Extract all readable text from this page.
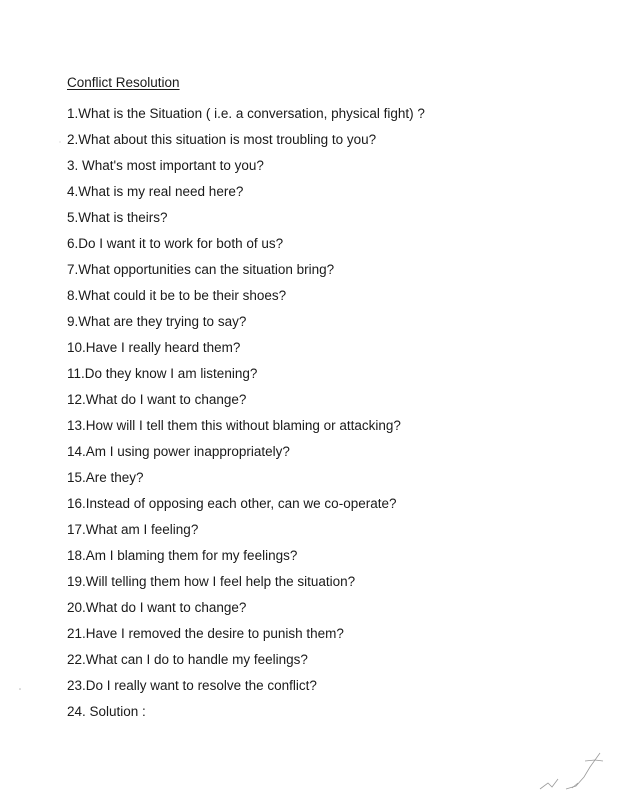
Conflict Resolution
1.What is the Situation ( i.e. a conversation, physical fight) ?
2.What about this situation is most troubling to you?
3. What's most important to you?
4.What is my real need here?
5.What is theirs?
6.Do I want it to work for both of us?
7.What opportunities can the situation bring?
8.What could it be to be their shoes?
9.What are they trying to say?
10.Have I really heard them?
11.Do they know I am listening?
12.What do I want to change?
13.How will I tell them this without blaming or attacking?
14.Am I using power inappropriately?
15.Are they?
16.Instead of opposing each other, can we co-operate?
17.What am I feeling?
18.Am I blaming them for my feelings?
19.Will telling them how I feel help the situation?
20.What do I want to change?
21.Have I removed the desire to punish them?
22.What can I do to handle my feelings?
23.Do I really want to resolve the conflict?
24. Solution :
